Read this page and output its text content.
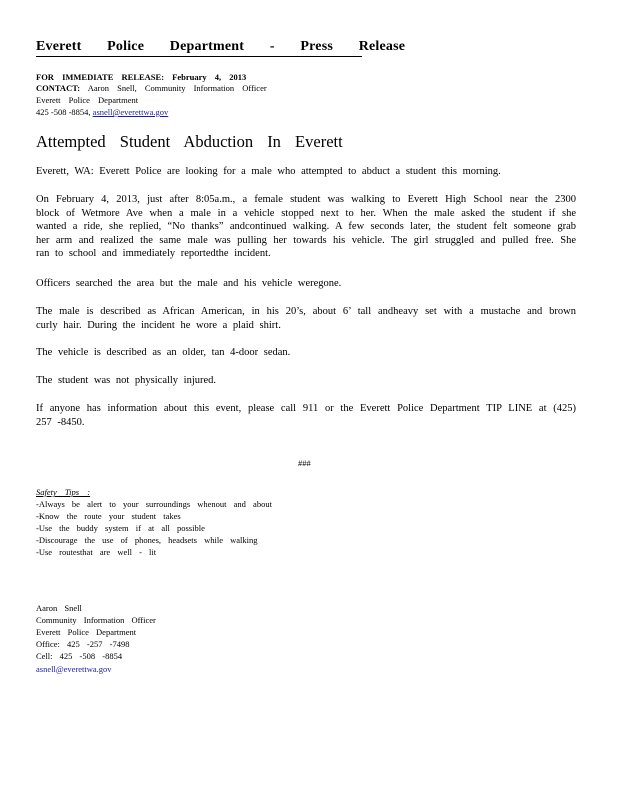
Everett Police Department - Press Release
FOR IMMEDIATE RELEASE: February 4, 2013
CONTACT: Aaron Snell, Community Information Officer
Everett Police Department
425 -508 -8854, asnell@everettwa.gov
Attempted Student Abduction In Everett
Everett, WA: Everett Police are looking for a male who attempted to abduct a student this morning.
On February 4, 2013, just after 8:05a.m., a female student was walking to Everett High School near the 2300 block of Wetmore Ave when a male in a vehicle stopped next to her. When the male asked the student if she wanted a ride, she replied, “No thanks” andcontinued walking. A few seconds later, the student felt someone grab her arm and realized the same male was pulling her towards his vehicle. The girl struggled and pulled free. She ran to school and immediately reportedthe incident.
Officers searched the area but the male and his vehicle weregone.
The male is described as African American, in his 20’s, about 6’ tall andheavy set with a mustache and brown curly hair. During the incident he wore a plaid shirt.
The vehicle is described as an older, tan 4-door sedan.
The student was not physically injured.
If anyone has information about this event, please call 911 or the Everett Police Department TIP LINE at (425) 257 -8450.
###
Safety Tips :
-Always be alert to your surroundings whenout and about
-Know the route your student takes
-Use the buddy system if at all possible
-Discourage the use of phones, headsets while walking
-Use routesthat are well - lit
Aaron Snell
Community Information Officer
Everett Police Department
Office: 425 -257 -7498
Cell: 425 -508 -8854
asnell@everettwa.gov
